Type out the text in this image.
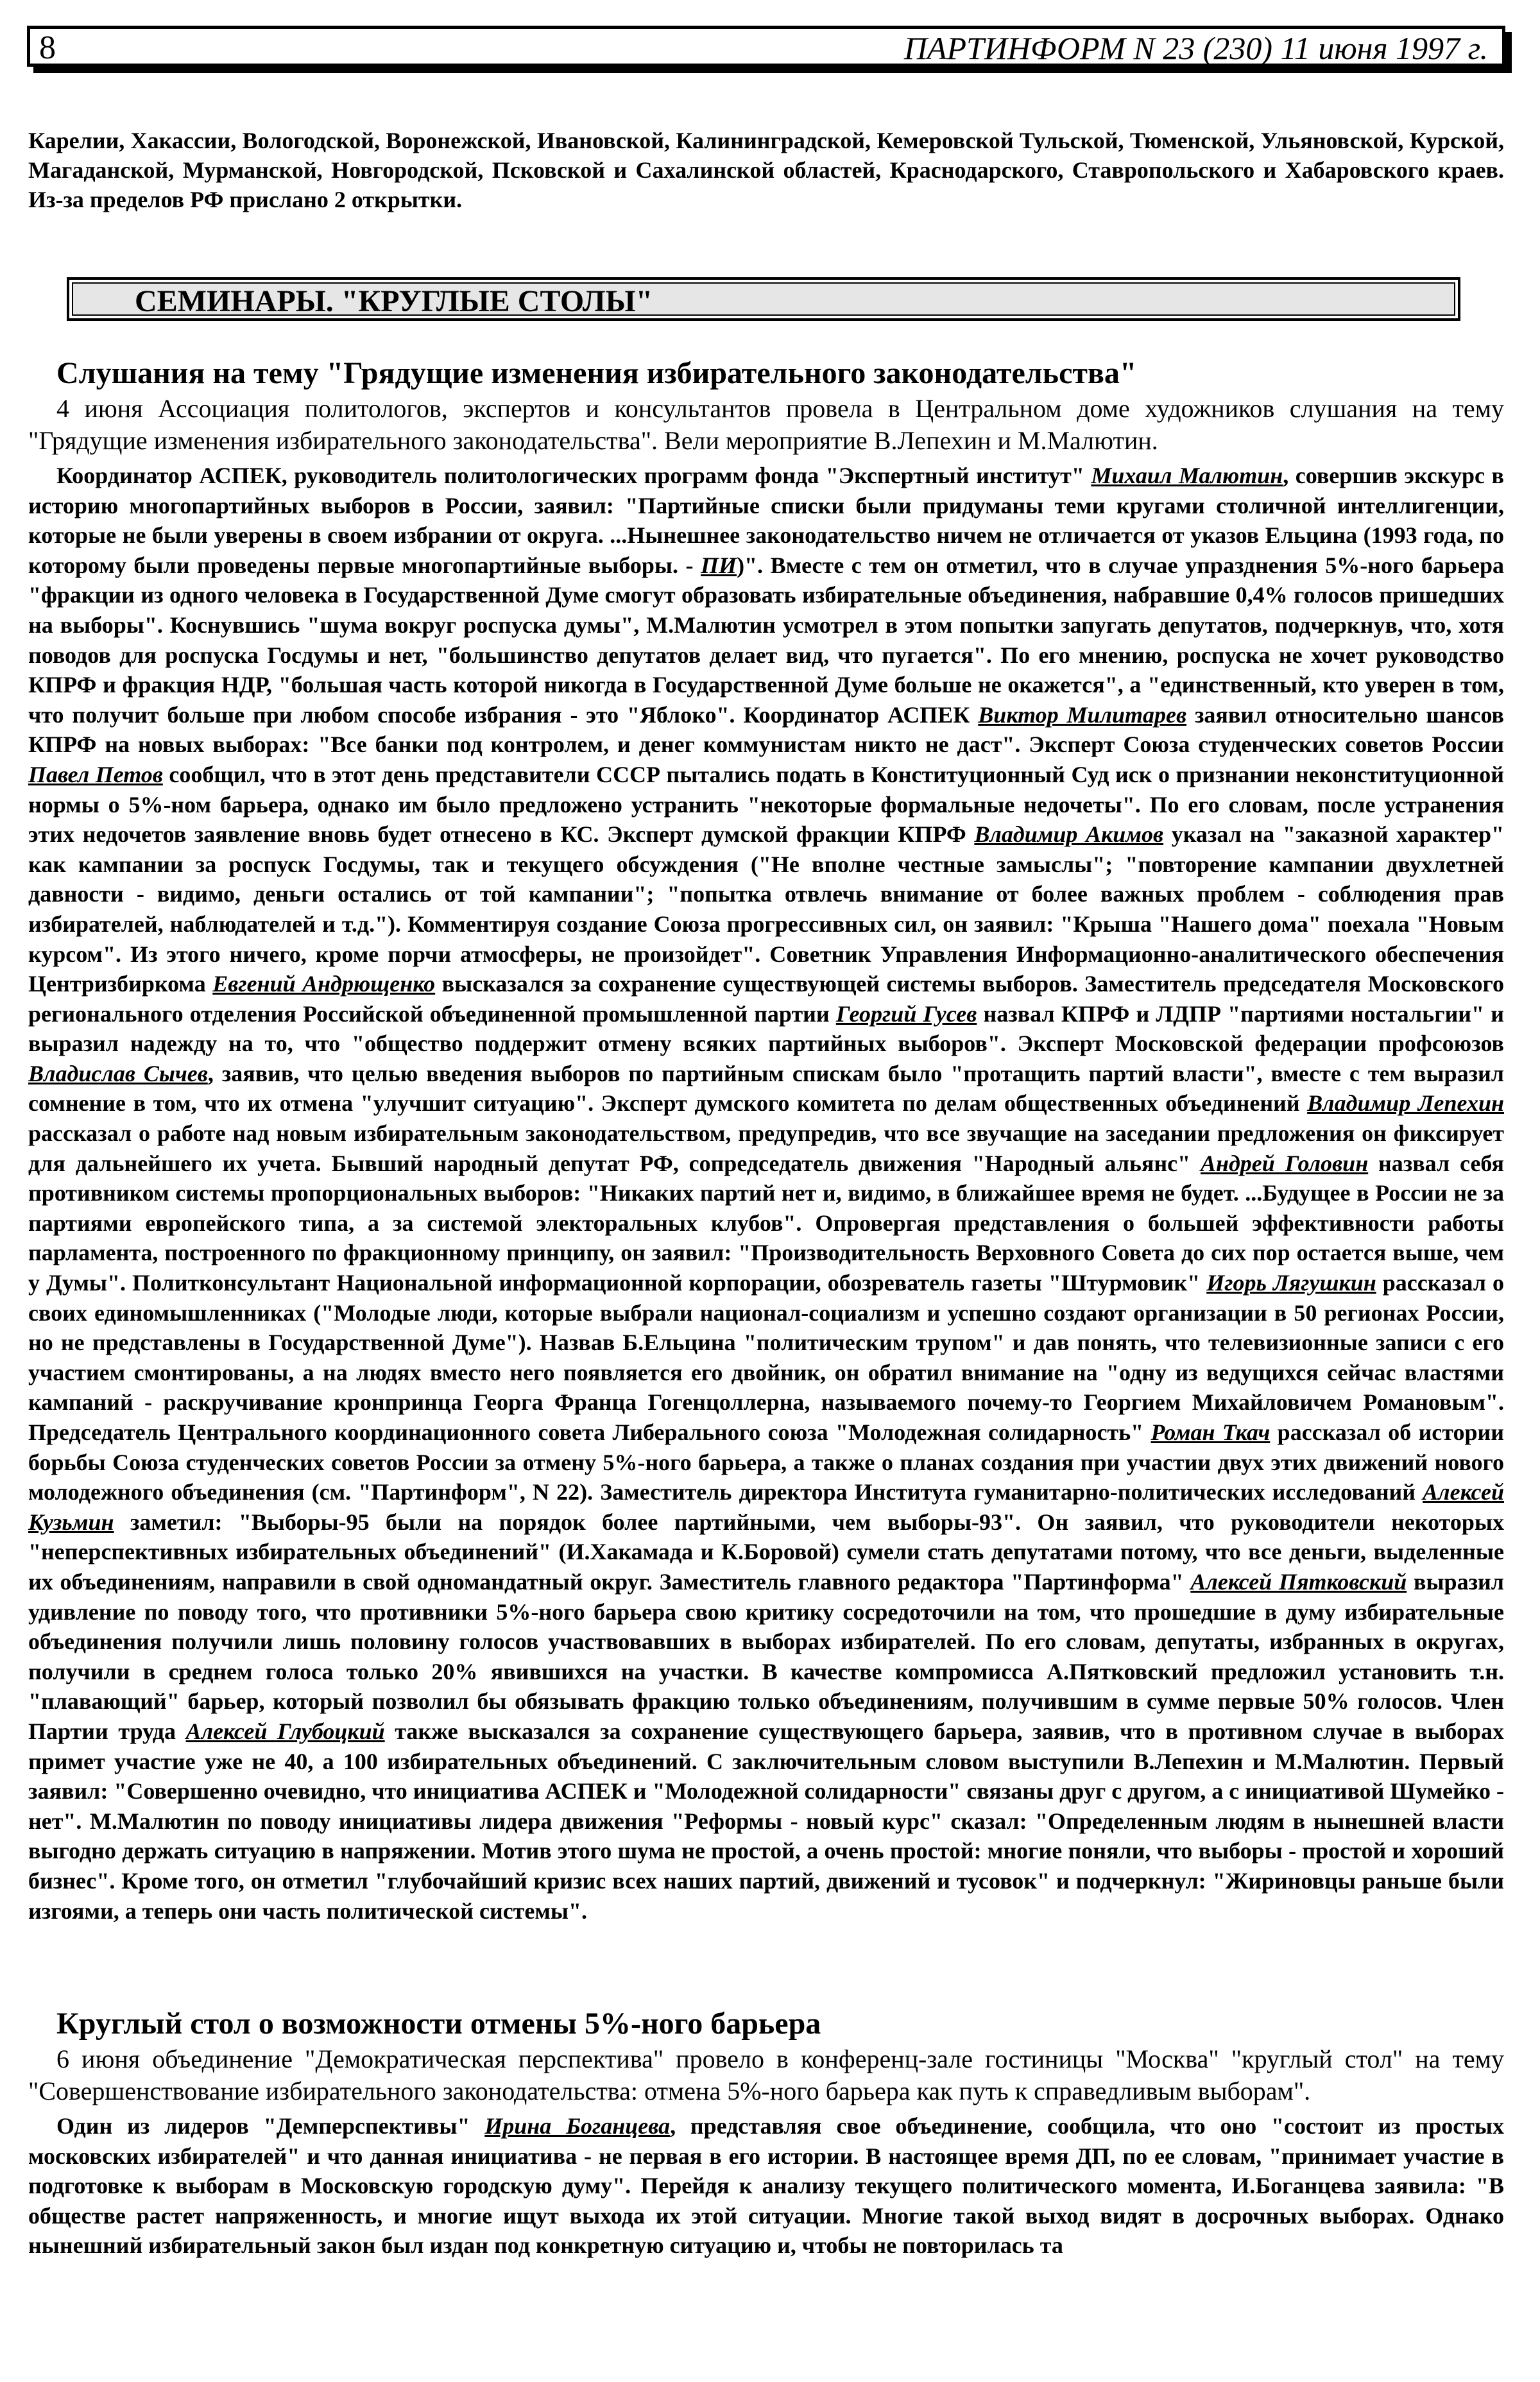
8	ПАРТИНФОРМ N 23 (230) 11 июня 1997 г.

Карелии, Хакассии, Вологодской, Воронежской, Ивановской, Калининградской, Кемеровской Тульской, Тюменской, Ульяновской, Курской, Магаданской, Мурманской, Новгородской, Псковской и Сахалинской областей, Краснодарского, Ставропольского и Хабаровского краев. Из-за пределов РФ прислано 2 открытки.

СЕМИНАРЫ. "КРУГЛЫЕ СТОЛЫ"
Слушания на тему "Грядущие изменения избирательного законодательства"

4 июня Ассоциация политологов, экспертов и консультантов провела в Центральном доме художников слушания на тему "Грядущие изменения избирательного законодательства". Вели мероприятие В.Лепехин и М.Малютин.

Координатор АСПЕК, руководитель политологических программ фонда "Экспертный институт" Михаил Малютин, совершив экскурс в историю многопартийных выборов в России, заявил: "Партийные списки были придуманы теми кругами столичной интеллигенции, которые не были уверены в своем избрании от округа. ...Нынешнее законодательство ничем не отличается от указов Ельцина (1993 года, по которому были проведены первые многопартийные выборы. - ПИ)". Вместе с тем он отметил, что в случае упразднения 5%-ного барьера "фракции из одного человека в Государственной Думе смогут образовать избирательные объединения, набравшие 0,4% голосов пришедших на выборы". Коснувшись "шума вокруг роспуска думы", М.Малютин усмотрел в этом попытки запугать депутатов, подчеркнув, что, хотя поводов для роспуска Госдумы и нет, "большинство депутатов делает вид, что пугается". По его мнению, роспуска не хочет руководство КПРФ и фракция НДР, "большая часть которой никогда в Государственной Думе больше не окажется", а "единственный, кто уверен в том, что получит больше при любом способе избрания - это "Яблоко". Координатор АСПЕК Виктор Милитарев заявил относительно шансов КПРФ на новых выборах: "Все банки под контролем, и денег коммунистам никто не даст". Эксперт Союза студенческих советов России Павел Петов сообщил, что в этот день представители СССР пытались подать в Конституционный Суд иск о признании неконституционной нормы о 5%-ном барьера, однако им было предложено устранить "некоторые формальные недочеты". По его словам, после устранения этих недочетов заявление вновь будет отнесено в КС. Эксперт думской фракции КПРФ Владимир Акимов указал на "заказной характер" как кампании за роспуск Госдумы, так и текущего обсуждения ("Не вполне честные замыслы"; "повторение кампании двухлетней давности - видимо, деньги остались от той кампании"; "попытка отвлечь внимание от более важных проблем - соблюдения прав избирателей, наблюдателей и т.д."). Комментируя создание Союза прогрессивных сил, он заявил: "Крыша "Нашего дома" поехала "Новым курсом". Из этого ничего, кроме порчи атмосферы, не произойдет". Советник Управления Информационно-аналитического обеспечения Центризбиркома Евгений Андрющенко высказался за сохранение существующей системы выборов. Заместитель председателя Московского регионального отделения Российской объединенной промышленной партии Георгий Гусев назвал КПРФ и ЛДПР "партиями ностальгии" и выразил надежду на то, что "общество поддержит отмену всяких партийных выборов". Эксперт Московской федерации профсоюзов Владислав Сычев, заявив, что целью введения выборов по партийным спискам было "протащить партий власти", вместе с тем выразил сомнение в том, что их отмена "улучшит ситуацию". Эксперт думского комитета по делам общественных объединений Владимир Лепехин рассказал о работе над новым избирательным законодательством, предупредив, что все звучащие на заседании предложения он фиксирует для дальнейшего их учета. Бывший народный депутат РФ, сопредседатель движения "Народный альянс" Андрей Головин назвал себя противником системы пропорциональных выборов: "Никаких партий нет и, видимо, в ближайшее время не будет. ...Будущее в России не за партиями европейского типа, а за системой электоральных клубов". Опровергая представления о большей эффективности работы парламента, построенного по фракционному принципу, он заявил: "Производительность Верховного Совета до сих пор остается выше, чем у Думы". Политконсультант Национальной информационной корпорации, обозреватель газеты "Штурмовик" Игорь Лягушкин рассказал о своих единомышленниках ("Молодые люди, которые выбрали национал-социализм и успешно создают организации в 50 регионах России, но не представлены в Государственной Думе"). Назвав Б.Ельцина "политическим трупом" и дав понять, что телевизионные записи с его участием смонтированы, а на людях вместо него появляется его двойник, он обратил внимание на "одну из ведущихся сейчас властями кампаний - раскручивание кронпринца Георга Франца Гогенцоллерна, называемого почему-то Георгием Михайловичем Романовым". Председатель Центрального координационного совета Либерального союза "Молодежная солидарность" Роман Ткач рассказал об истории борьбы Союза студенческих советов России за отмену 5%-ного барьера, а также о планах создания при участии двух этих движений нового молодежного объединения (см. "Партинформ", N 22). Заместитель директора Института гуманитарно-политических исследований Алексей Кузьмин заметил: "Выборы-95 были на порядок более партийными, чем выборы-93". Он заявил, что руководители некоторых "неперспективных избирательных объединений" (И.Хакамада и К.Боровой) сумели стать депутатами потому, что все деньги, выделенные их объединениям, направили в свой одномандатный округ. Заместитель главного редактора "Партинформа" Алексей Пятковский выразил удивление по поводу того, что противники 5%-ного барьера свою критику сосредоточили на том, что прошедшие в думу избирательные объединения получили лишь половину голосов участвовавших в выборах избирателей. По его словам, депутаты, избранных в округах, получили в среднем голоса только 20% явившихся на участки. В качестве компромисса А.Пятковский предложил установить т.н. "плавающий" барьер, который позволил бы обязывать фракцию только объединениям, получившим в сумме первые 50% голосов. Член Партии труда Алексей Глубоцкий также высказался за сохранение существующего барьера, заявив, что в противном случае в выборах примет участие уже не 40, а 100 избирательных объединений. С заключительным словом выступили В.Лепехин и М.Малютин. Первый заявил: "Совершенно очевидно, что инициатива АСПЕК и "Молодежной солидарности" связаны друг с другом, а с инициативой Шумейко - нет". М.Малютин по поводу инициативы лидера движения "Реформы - новый курс" сказал: "Определенным людям в нынешней власти выгодно держать ситуацию в напряжении. Мотив этого шума не простой, а очень простой: многие поняли, что выборы - простой и хороший бизнес". Кроме того, он отметил "глубочайший кризис всех наших партий, движений и тусовок" и подчеркнул: "Жириновцы раньше были изгоями, а теперь они часть политической системы".

Круглый стол о возможности отмены 5%-ного барьера

6 июня объединение "Демократическая перспектива" провело в конференц-зале гостиницы "Москва" "круглый стол" на тему "Совершенствование избирательного законодательства: отмена 5%-ного барьера как путь к справедливым выборам".

Один из лидеров "Демперспективы" Ирина Боганцева, представляя свое объединение, сообщила, что оно "состоит из простых московских избирателей" и что данная инициатива - не первая в его истории. В настоящее время ДП, по ее словам, "принимает участие в подготовке к выборам в Московскую городскую думу". Перейдя к анализу текущего политического момента, И.Боганцева заявила: "В обществе растет напряженность, и многие ищут выхода их этой ситуации. Многие такой выход видят в досрочных выборах. Однако нынешний избирательный закон был издан под конкретную ситуацию и, чтобы не повторилась та
